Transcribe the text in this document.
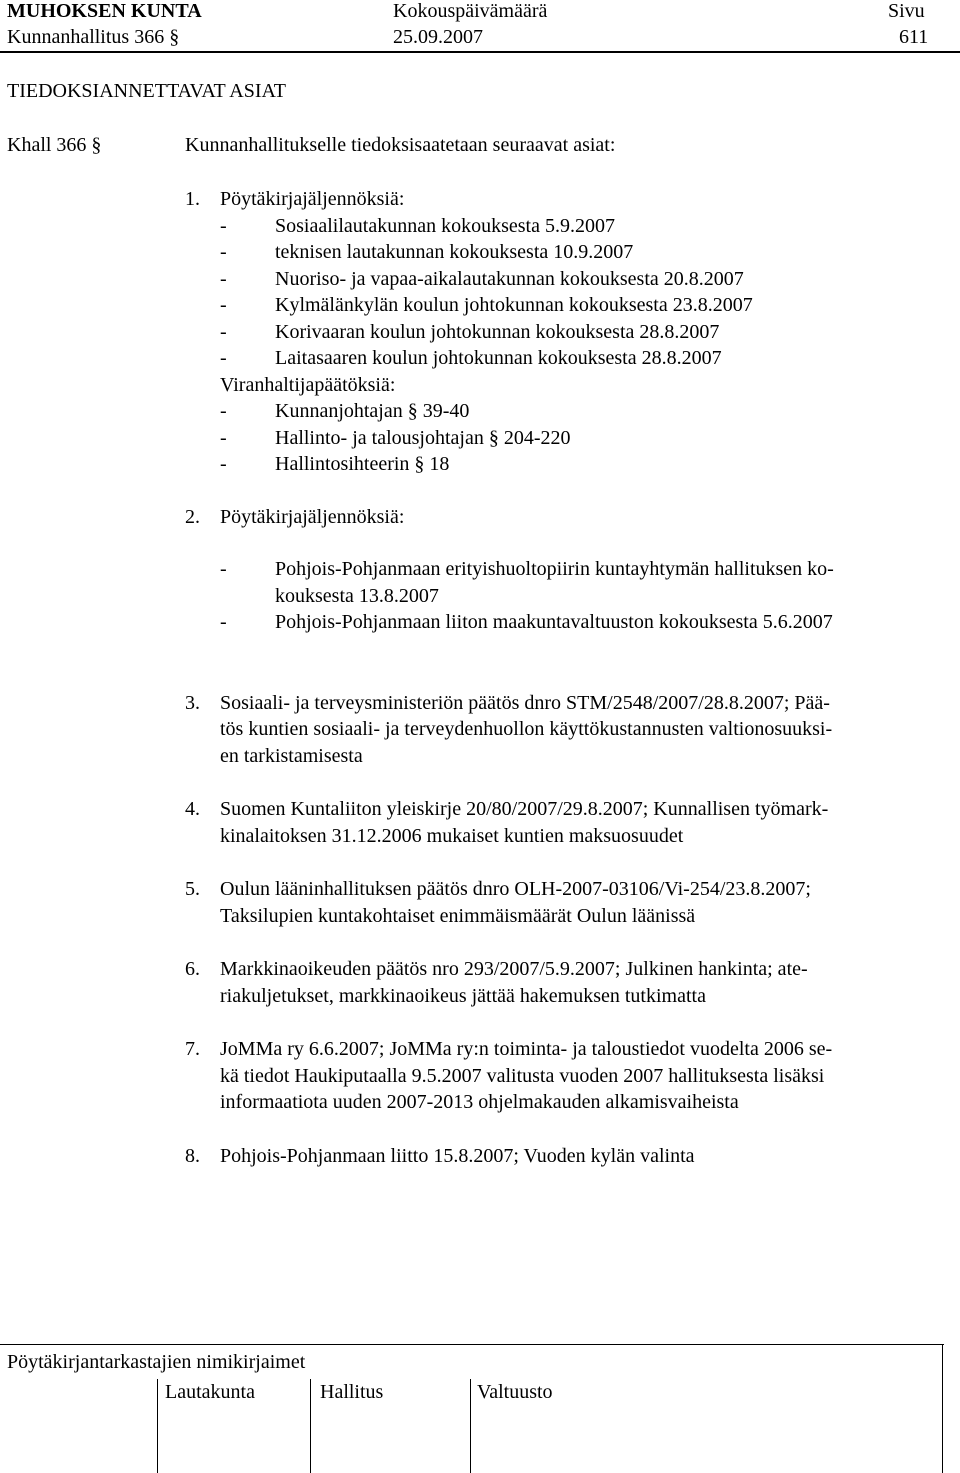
MUHOKSEN KUNTA	Kokouspäivämäärä	Sivu
Kunnanhallitus 366 §	25.09.2007	611
TIEDOKSIANNETTAVAT ASIAT
Khall 366 §	Kunnanhallitukselle tiedoksisaatetaan seuraavat asiat:
1. Pöytäkirjajäljennöksiä:
- Sosiaalilautakunnan kokouksesta 5.9.2007
- teknisen lautakunnan kokouksesta 10.9.2007
- Nuoriso- ja vapaa-aikalautakunnan kokouksesta 20.8.2007
- Kylmälänkylän koulun johtokunnan kokouksesta 23.8.2007
- Korivaaran koulun johtokunnan kokouksesta 28.8.2007
- Laitasaaren koulun johtokunnan kokouksesta 28.8.2007
Viranhaltijapäätöksiä:
- Kunnanjohtajan § 39-40
- Hallinto- ja talousjohtajan § 204-220
- Hallintosihteerin § 18
2. Pöytäkirjajäljennöksiä:
- Pohjois-Pohjanmaan erityishuoltopiirin kuntayhtymän hallituksen ko-
kouksesta 13.8.2007
- Pohjois-Pohjanmaan liiton maakuntavaltuuston kokouksesta 5.6.2007
3. Sosiaali- ja terveysministeriön päätös dnro STM/2548/2007/28.8.2007; Pää-
tös kuntien sosiaali- ja terveydenhuollon käyttökustannusten valtionosuuksi-
en tarkistamisesta
4. Suomen Kuntaliiton yleiskirje 20/80/2007/29.8.2007; Kunnallisen työmark-
kinalaitoksen 31.12.2006 mukaiset kuntien maksuosuudet
5. Oulun lääninhallituksen päätös dnro OLH-2007-03106/Vi-254/23.8.2007;
Taksilupien kuntakohtaiset enimmäismäärät Oulun läänissä
6. Markkinaoikeuden päätös nro 293/2007/5.9.2007; Julkinen hankinta; ate-
riakuljetukset, markkinaoikeus jättää hakemuksen tutkimatta
7. JoMMa ry 6.6.2007; JoMMa ry:n toiminta- ja taloustiedot vuodelta 2006 se-
kä tiedot Haukiputaalla 9.5.2007 valitusta vuoden 2007 hallituksesta lisäksi
informaatiota uuden 2007-2013 ohjelmakauden alkamisvaiheista
8. Pohjois-Pohjanmaan liitto 15.8.2007; Vuoden kylän valinta
Pöytäkirjantarkastajien nimikirjaimet
Lautakunta	Hallitus	Valtuusto
